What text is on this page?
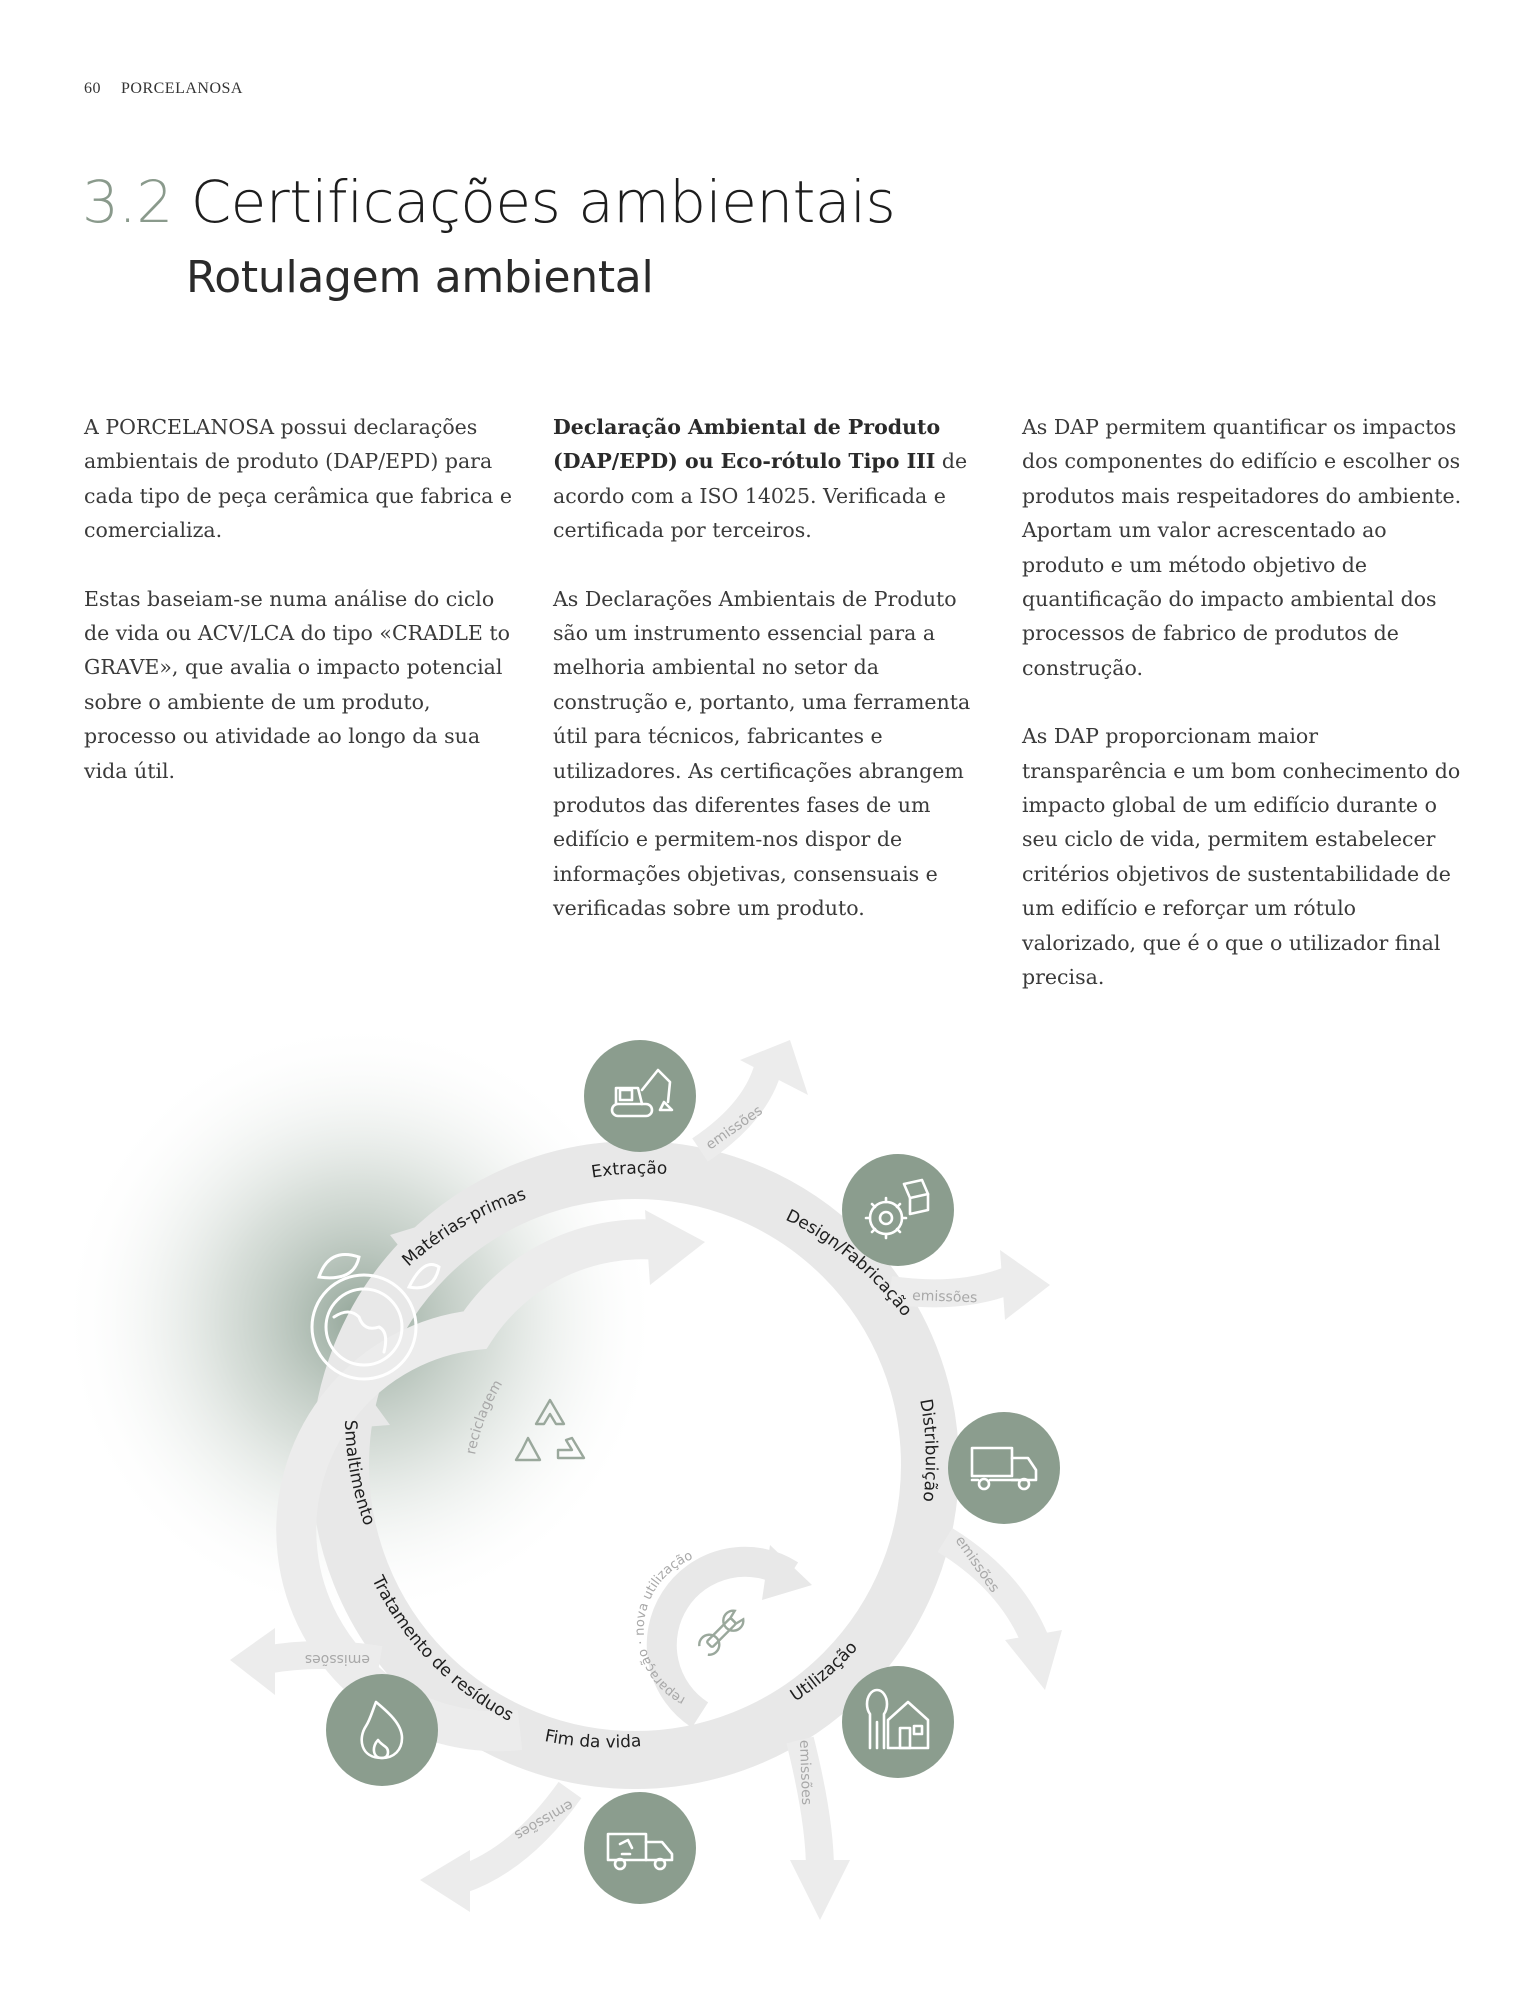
60 PORCELANOSA
3.2 Certificações ambientais
Rotulagem ambiental

A PORCELANOSA possui declarações ambientais de produto (DAP/EPD) para cada tipo de peça cerâmica que fabrica e comercializa.

Estas baseiam-se numa análise do ciclo de vida ou ACV/LCA do tipo «CRADLE to GRAVE», que avalia o impacto potencial sobre o ambiente de um produto, processo ou atividade ao longo da sua vida útil.

Declaração Ambiental de Produto (DAP/EPD) ou Eco-rótulo Tipo III de acordo com a ISO 14025. Verificada e certificada por terceiros.

As Declarações Ambientais de Produto são um instrumento essencial para a melhoria ambiental no setor da construção e, portanto, uma ferramenta útil para técnicos, fabricantes e utilizadores. As certificações abrangem produtos das diferentes fases de um edifício e permitem-nos dispor de informações objetivas, consensuais e verificadas sobre um produto.

As DAP permitem quantificar os impactos dos componentes do edifício e escolher os produtos mais respeitadores do ambiente. Aportam um valor acrescentado ao produto e um método objetivo de quantificação do impacto ambiental dos processos de fabrico de produtos de construção.

As DAP proporcionam maior transparência e um bom conhecimento do impacto global de um edifício durante o seu ciclo de vida, permitem estabelecer critérios objetivos de sustentabilidade de um edifício e reforçar um rótulo valorizado, que é o que o utilizador final precisa.

Matérias-primas
Extração
Design/Fabricação
Distribuição
Utilização
Fim da vida
Tratamento de resíduos
Smaltimento
emissões
emissões
emissões
emissões
emissões
emissões
reciclagem
reparação · nova utilização
